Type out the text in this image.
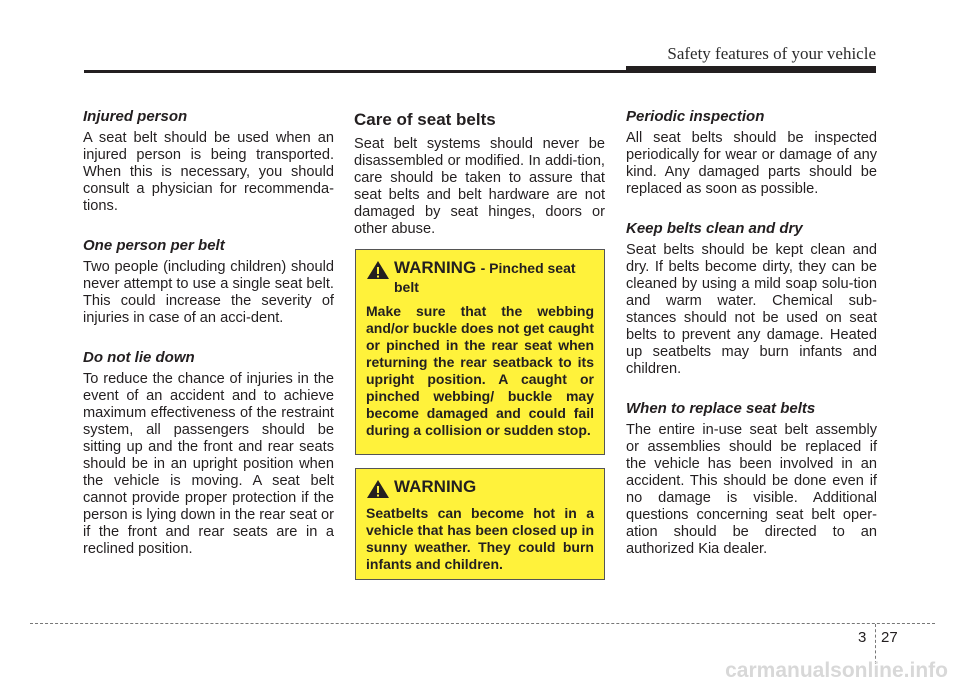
Safety features of your vehicle
Injured person

A seat belt should be used when an injured person is being transported. When this is necessary, you should consult a physician for recommenda-tions.

One person per belt

Two people (including children) should never attempt to use a single seat belt. This could increase the severity of injuries in case of an acci-dent.

Do not lie down

To reduce the chance of injuries in the event of an accident and to achieve maximum effectiveness of the restraint system, all passengers should be sitting up and the front and rear seats should be in an upright position when the vehicle is moving. A seat belt cannot provide proper protection if the person is lying down in the rear seat or if the front and rear seats are in a reclined position.

Care of seat belts

Seat belt systems should never be disassembled or modified. In addi-tion, care should be taken to assure that seat belts and belt hardware are not damaged by seat hinges, doors or other abuse.

WARNING - Pinched seat belt

Make sure that the webbing and/or buckle does not get caught or pinched in the rear seat when returning the rear seatback to its upright position. A caught or pinched webbing/ buckle may become damaged and could fail during a collision or sudden stop.

WARNING

Seatbelts can become hot in a vehicle that has been closed up in sunny weather. They could burn infants and children.

Periodic inspection

All seat belts should be inspected periodically for wear or damage of any kind. Any damaged parts should be replaced as soon as possible.

Keep belts clean and dry

Seat belts should be kept clean and dry. If belts become dirty, they can be cleaned by using a mild soap solu-tion and warm water. Chemical sub-stances should not be used on seat belts to prevent any damage. Heated up seatbelts may burn infants and children.

When to replace seat belts

The entire in-use seat belt assembly or assemblies should be replaced if the vehicle has been involved in an accident. This should be done even if no damage is visible. Additional questions concerning seat belt oper-ation should be directed to an authorized Kia dealer.

3 27
carmanualsonline.info
